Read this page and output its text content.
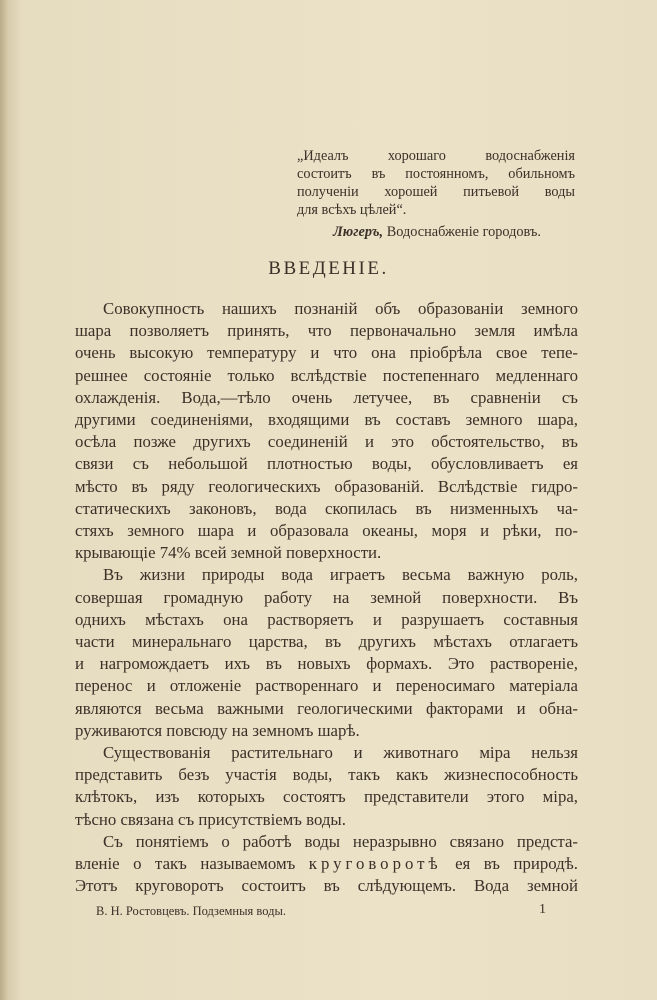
„Идеалъ хорошаго водоснабженія
состоитъ въ постоянномъ, обильномъ
полученіи хорошей питьевой воды
для всѣхъ цѣлей“.
Люгеръ, Водоснабженіе городовъ.
ВВЕДЕНІЕ.
Совокупность нашихъ познаній объ образованіи земного
шара позволяетъ принять, что первоначально земля имѣла
очень высокую температуру и что она пріобрѣла свое тепе-
решнее состояніе только вслѣдствіе постепеннаго медленнаго
охлажденія. Вода,—тѣло очень летучее, въ сравненіи съ
другими соединеніями, входящими въ составъ земного шара,
осѣла позже другихъ соединеній и это обстоятельство, въ
связи съ небольшой плотностью воды, обусловливаетъ ея
мѣсто въ ряду геологическихъ образованій. Вслѣдствіе гидро-
статическихъ законовъ, вода скопилась въ низменныхъ ча-
стяхъ земного шара и образовала океаны, моря и рѣки, по-
крывающіе 74% всей земной поверхности.
Въ жизни природы вода играетъ весьма важную роль,
совершая громадную работу на земной поверхности. Въ
однихъ мѣстахъ она растворяетъ и разрушаетъ составныя
части минеральнаго царства, въ другихъ мѣстахъ отлагаетъ
и нагромождаетъ ихъ въ новыхъ формахъ. Это раствореніе,
перенос и отложеніе раствореннаго и переносимаго матеріала
являются весьма важными геологическими факторами и обна-
руживаются повсюду на земномъ шарѣ.
Существованія растительнаго и животнаго міра нельзя
представить безъ участія воды, такъ какъ жизнеспособность
клѣтокъ, изъ которыхъ состоятъ представители этого міра,
тѣсно связана съ присутствіемъ воды.
Съ понятіемъ о работѣ воды неразрывно связано предста-
вленіе о такъ называемомъ круговоротѣ ея въ природѣ.
Этотъ круговоротъ состоитъ въ слѣдующемъ. Вода земной
В. Н. Ростовцевъ. Подземныя воды.	1
